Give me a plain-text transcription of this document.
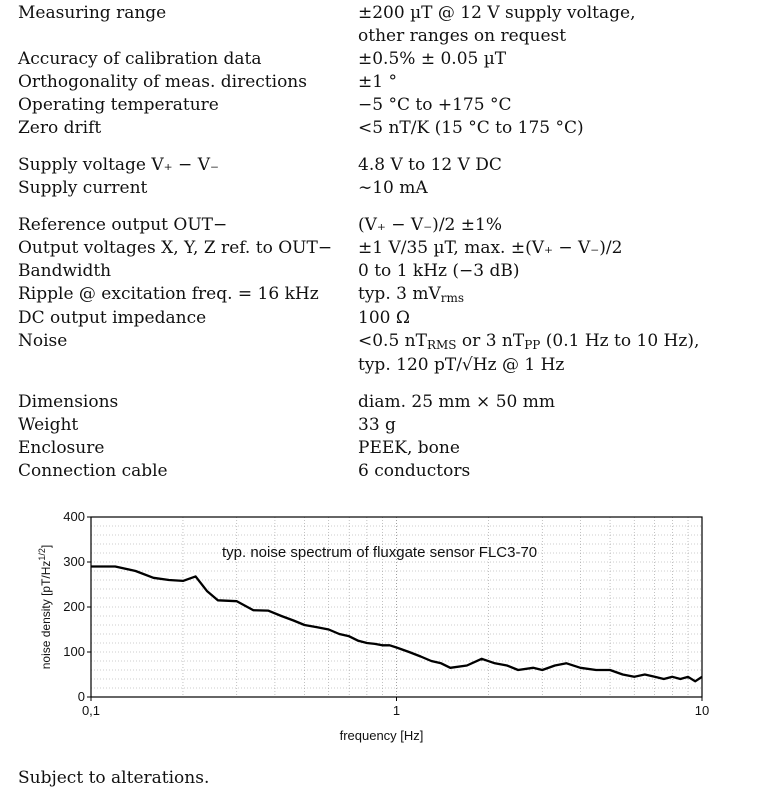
Measuring range	±200 µT @ 12 V supply voltage,
other ranges on request
Accuracy of calibration data	±0.5% ± 0.05 µT
Orthogonality of meas. directions	±1 °
Operating temperature	−5 °C to +175 °C
Zero drift	<5 nT/K (15 °C to 175 °C)
Supply voltage V₊ − V₋	4.8 V to 12 V DC
Supply current	∼10 mA
Reference output OUT−	(V₊ − V₋)/2 ±1%
Output voltages X, Y, Z ref. to OUT−	±1 V/35 µT, max. ±(V₊ − V₋)/2
Bandwidth	0 to 1 kHz (−3 dB)
Ripple @ excitation freq. = 16 kHz	typ. 3 mVrms
DC output impedance	100 Ω
Noise	<0.5 nTRMS or 3 nTPP (0.1 Hz to 10 Hz),
typ. 120 pT/√Hz @ 1 Hz
Dimensions	diam. 25 mm × 50 mm
Weight	33 g
Enclosure	PEEK, bone
Connection cable	6 conductors
0
100
200
300
400
0,1	1	10
typ. noise spectrum of fluxgate sensor FLC3-70
frequency [Hz]
noise density $[pT/Hz^{1/2}]$
Subject to alterations.
